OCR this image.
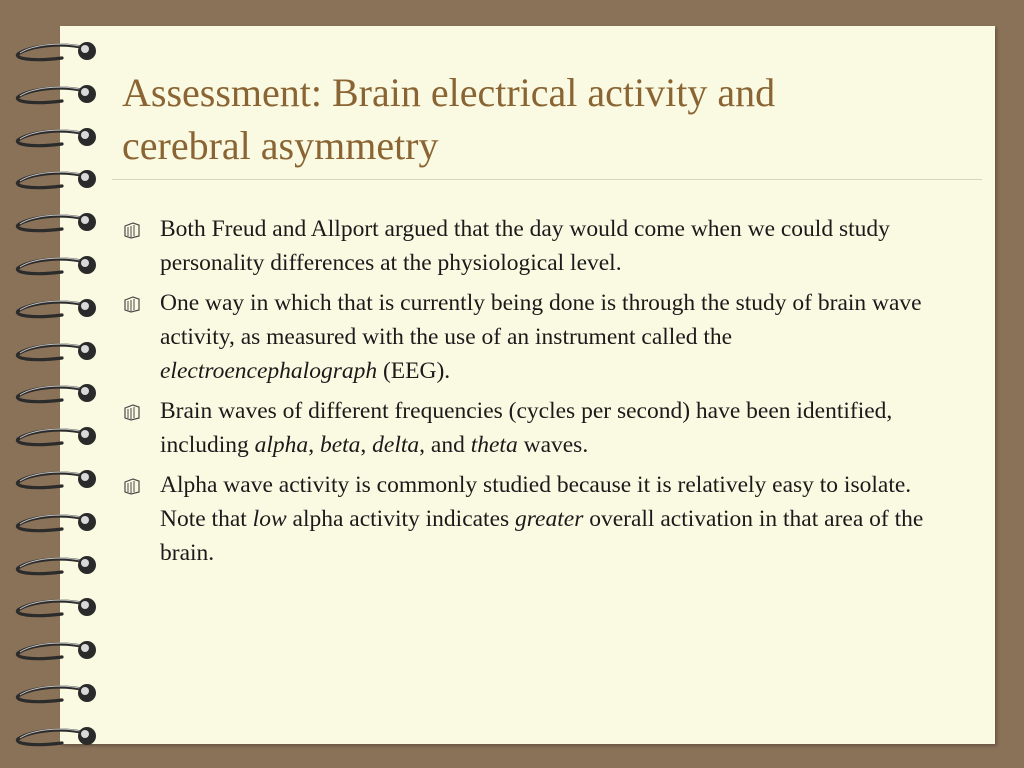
Assessment: Brain electrical activity and
cerebral asymmetry
Both Freud and Allport argued that the day would come when we could study personality differences at the physiological level.
One way in which that is currently being done is through the study of brain wave activity, as measured with the use of an instrument called the electroencephalograph (EEG).
Brain waves of different frequencies (cycles per second) have been identified, including alpha, beta, delta, and theta waves.
Alpha wave activity is commonly studied because it is relatively easy to isolate. Note that low alpha activity indicates greater overall activation in that area of the brain.
